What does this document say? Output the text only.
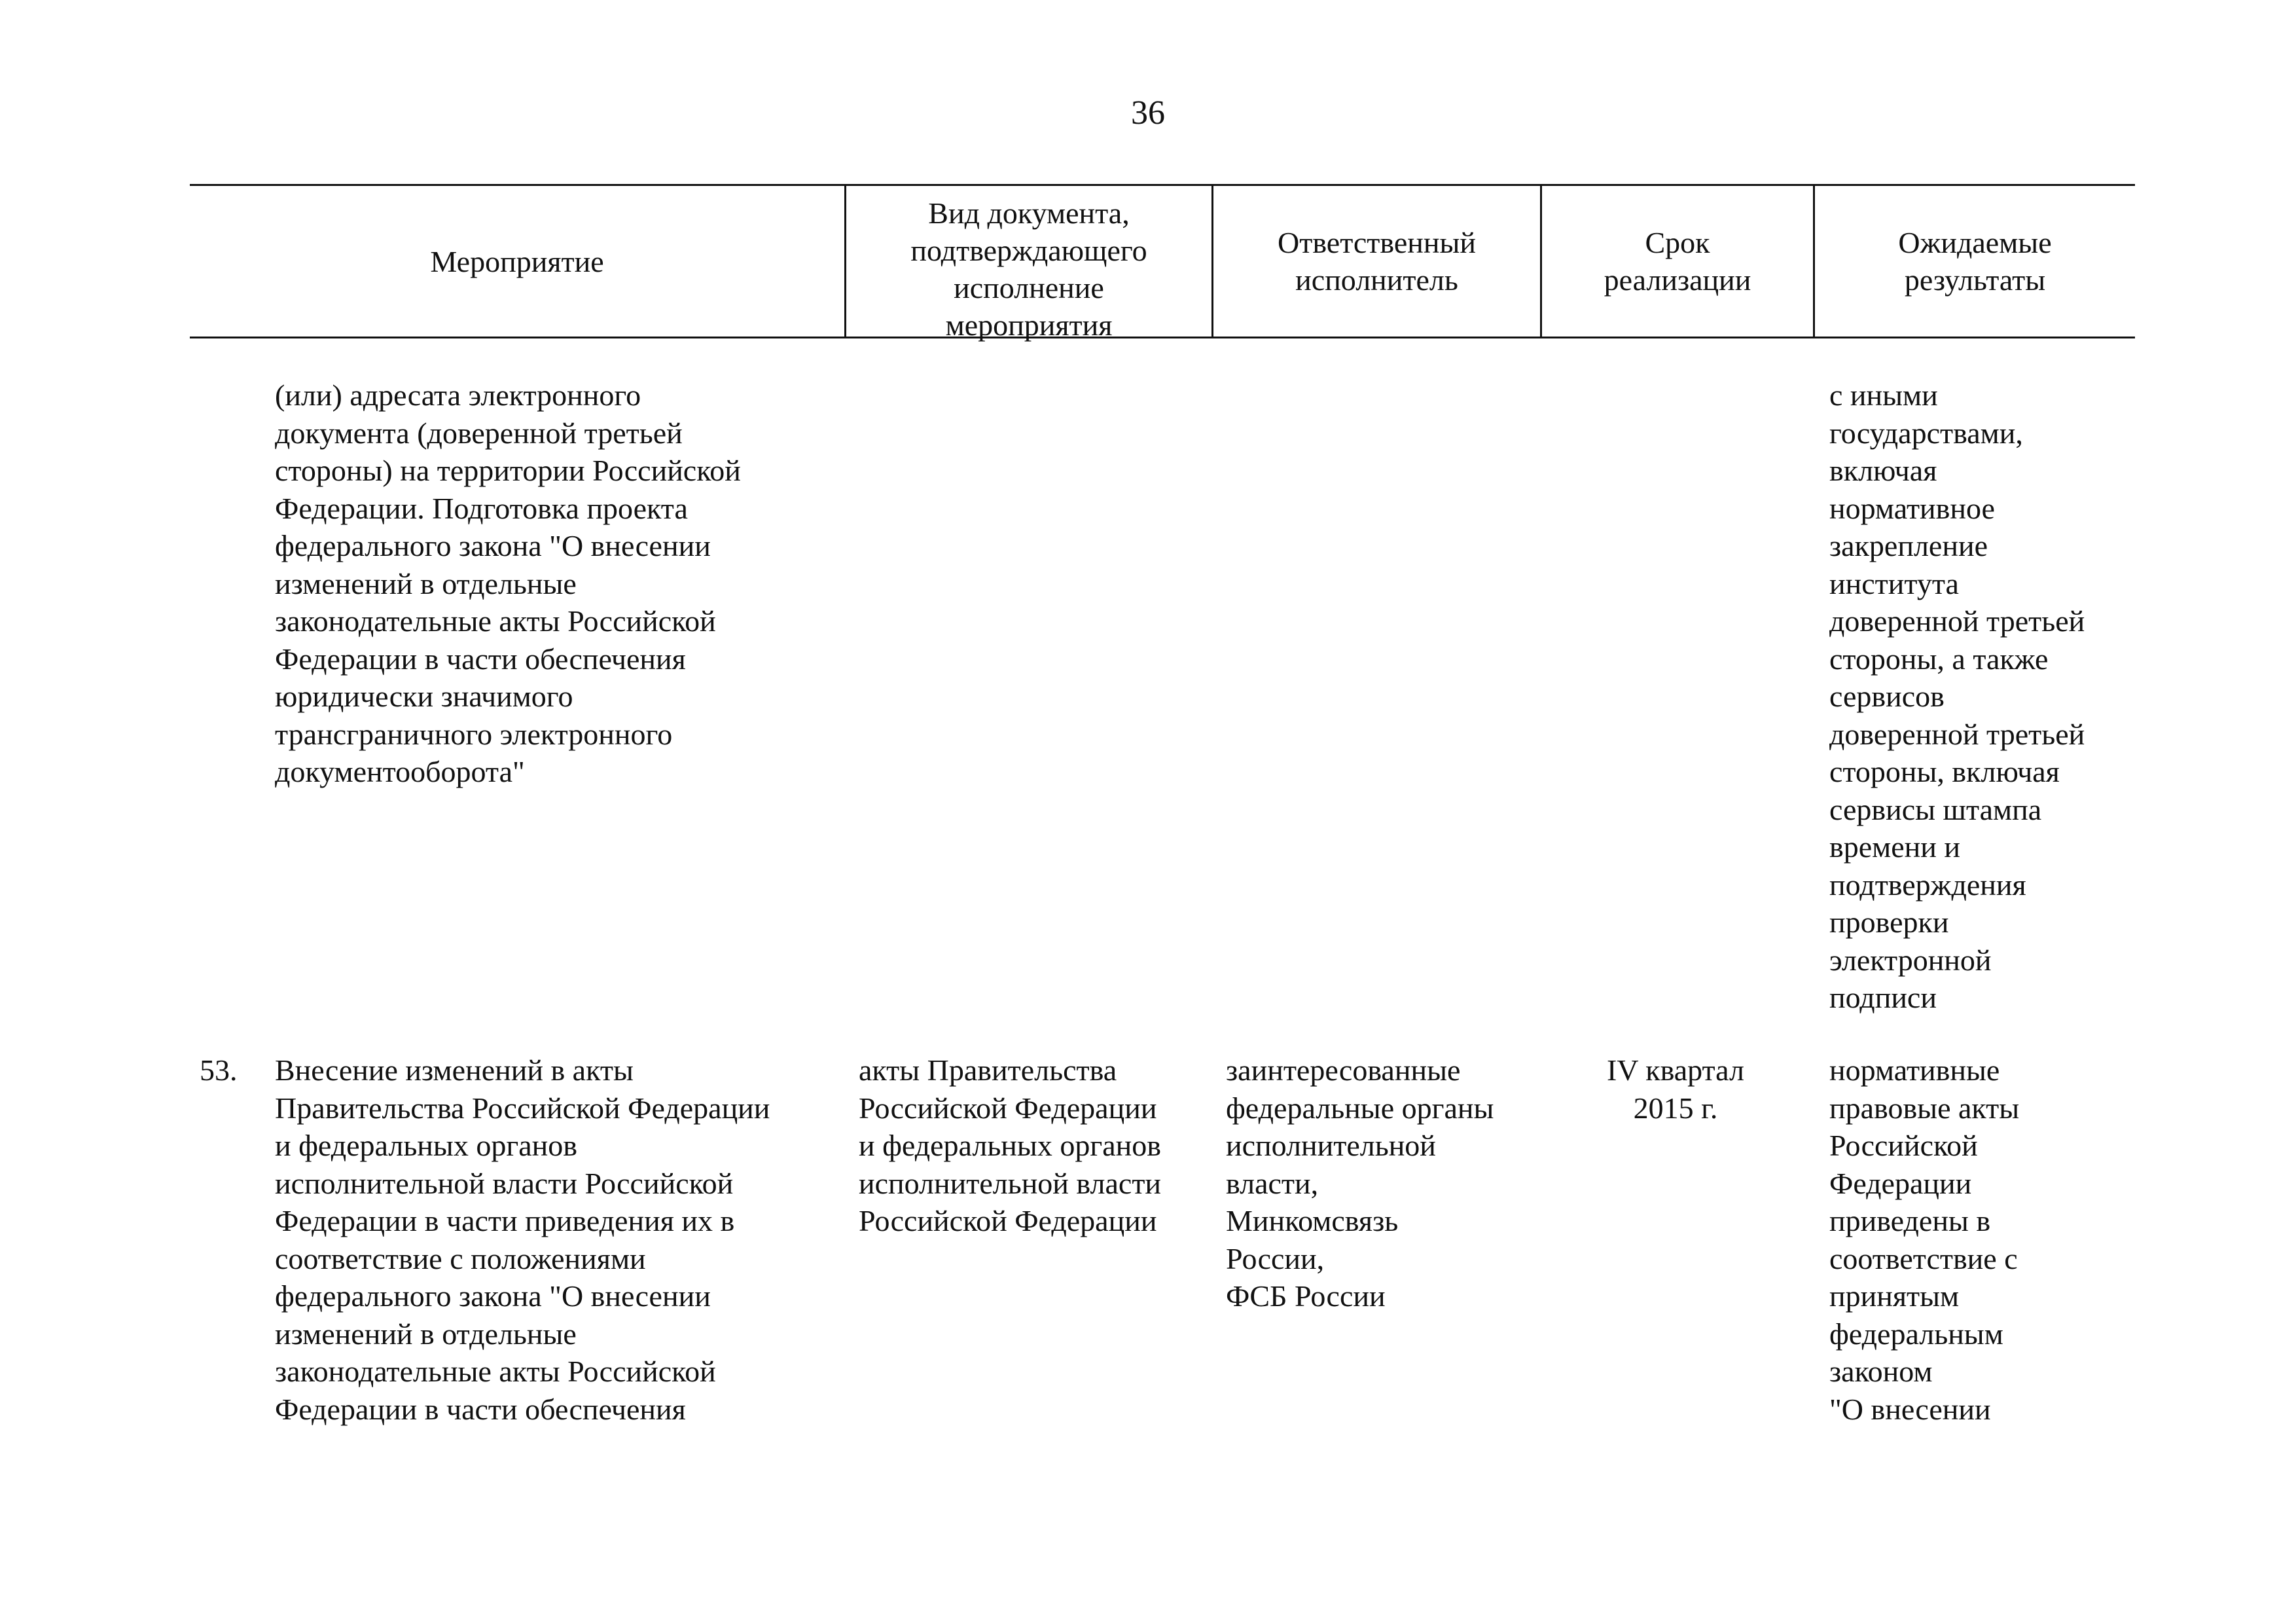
36
Мероприятие
Вид документа,
подтверждающего
исполнение
мероприятия
Ответственный
исполнитель
Срок
реализации
Ожидаемые
результаты
(или) адресата электронного
документа (доверенной третьей
стороны) на территории Российской
Федерации. Подготовка проекта
федерального закона "О внесении
изменений в отдельные
законодательные акты Российской
Федерации в части обеспечения
юридически значимого
трансграничного электронного
документооборота"
с иными
государствами,
включая
нормативное
закрепление
института
доверенной третьей
стороны, а также
сервисов
доверенной третьей
стороны, включая
сервисы штампа
времени и
подтверждения
проверки
электронной
подписи
53. Внесение изменений в акты
Правительства Российской Федерации
и федеральных органов
исполнительной власти Российской
Федерации в части приведения их в
соответствие с положениями
федерального закона "О внесении
изменений в отдельные
законодательные акты Российской
Федерации в части обеспечения
акты Правительства
Российской Федерации
и федеральных органов
исполнительной власти
Российской Федерации
заинтересованные
федеральные органы
исполнительной
власти,
Минкомсвязь
России,
ФСБ России
IV квартал
2015 г.
нормативные
правовые акты
Российской
Федерации
приведены в
соответствие с
принятым
федеральным
законом
"О внесении
